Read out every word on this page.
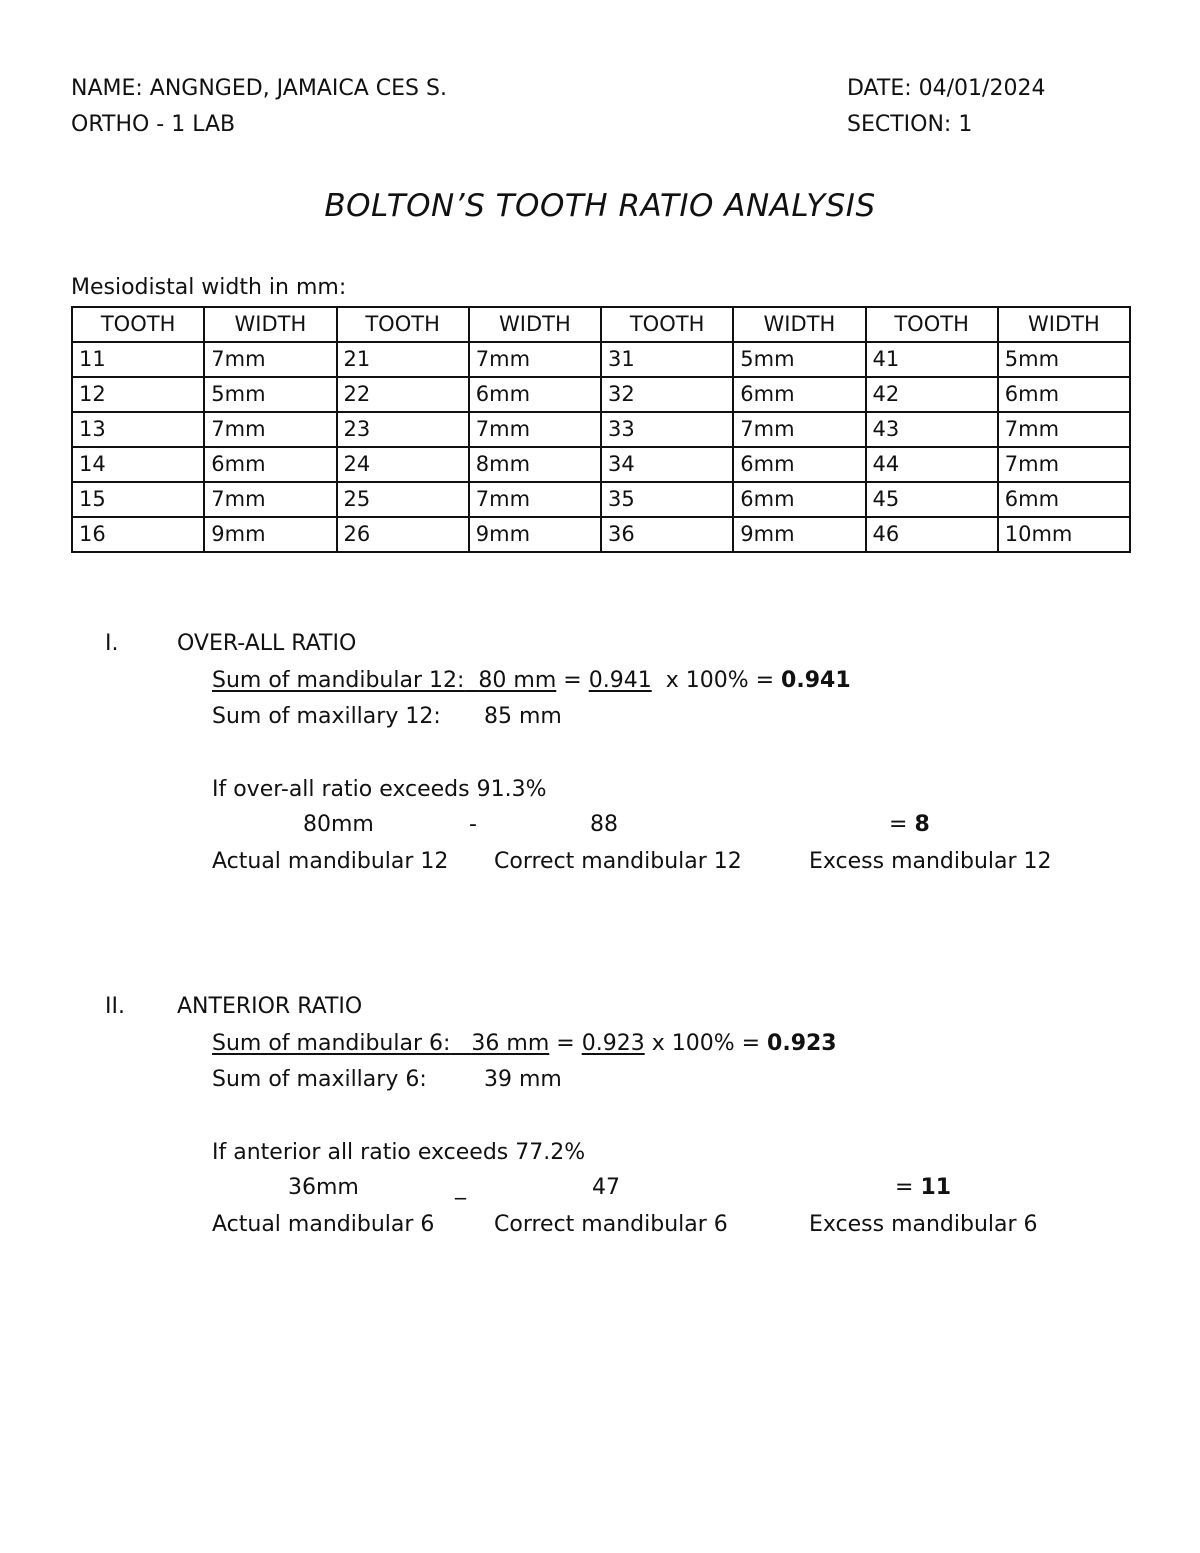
NAME: ANGNGED, JAMAICA CES S.
ORTHO - 1 LAB
DATE: 04/01/2024
SECTION: 1
BOLTON’S TOOTH RATIO ANALYSIS
Mesiodistal width in mm:
TOOTH	WIDTH	TOOTH	WIDTH	TOOTH	WIDTH	TOOTH	WIDTH
11	7mm	21	7mm	31	5mm	41	5mm
12	5mm	22	6mm	32	6mm	42	6mm
13	7mm	23	7mm	33	7mm	43	7mm
14	6mm	24	8mm	34	6mm	44	7mm
15	7mm	25	7mm	35	6mm	45	6mm
16	9mm	26	9mm	36	9mm	46	10mm
I.	OVER-ALL RATIO
Sum of mandibular 12: 80 mm = 0.941 x 100% = 0.941
Sum of maxillary 12: 85 mm
If over-all ratio exceeds 91.3%
80mm	-	88	= 8
Actual mandibular 12 Correct mandibular 12	Excess mandibular 12
II. ANTERIOR RATIO
Sum of mandibular 6: 36 mm = 0.923 x 100% = 0.923
Sum of maxillary 6:	39 mm
If anterior all ratio exceeds 77.2%
36mm	_	47	= 11
Actual mandibular 6	Correct mandibular 6	Excess mandibular 6
